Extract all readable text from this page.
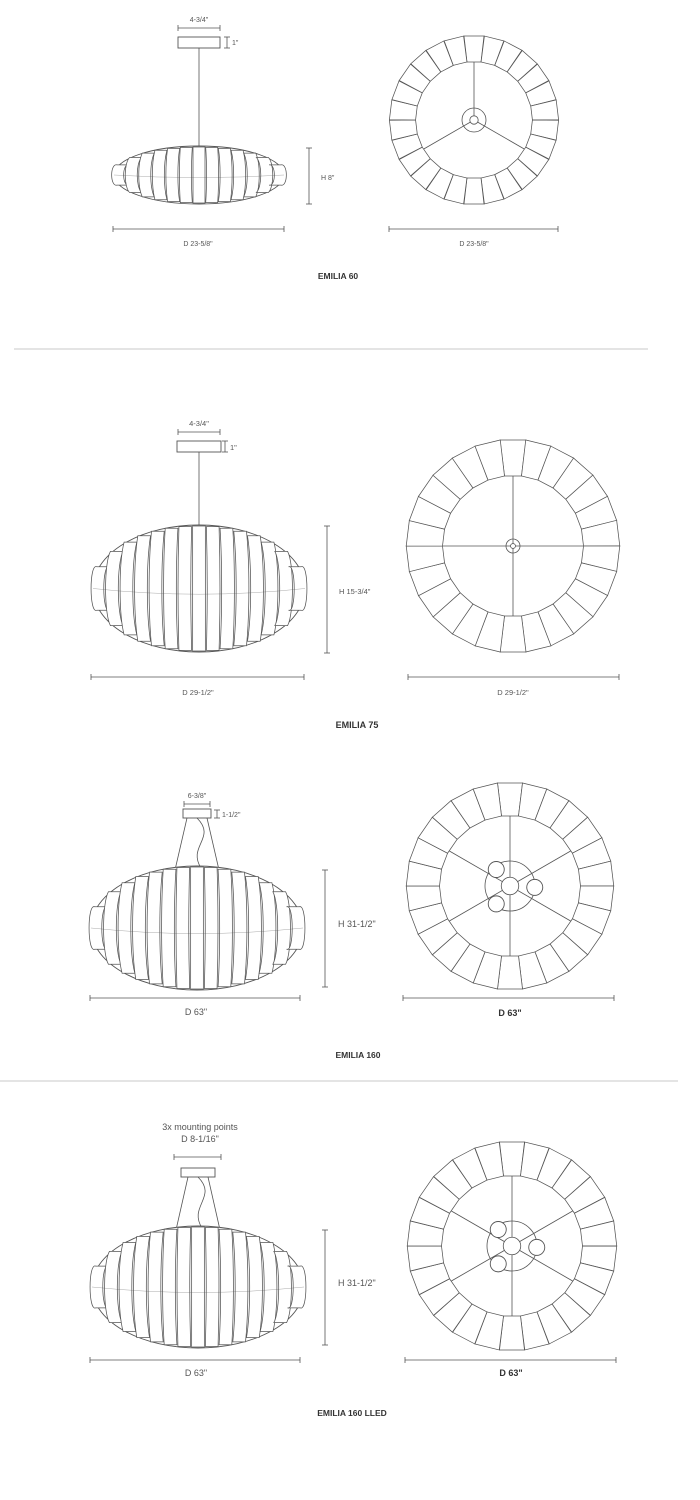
4-3/4"
1"
H 8"
D 23-5/8"	D 23-5/8"
EMILIA 60
4-3/4"
1"
H 15-3/4"
D 29-1/2"	D 29-1/2"
EMILIA 75
6-3/8"
1-1/2"
H 31-1/2"
D 63"	D 63"
EMILIA 160
3x mounting points
D 8-1/16"
H 31-1/2"
D 63"	D 63"
EMILIA 160 LLED
